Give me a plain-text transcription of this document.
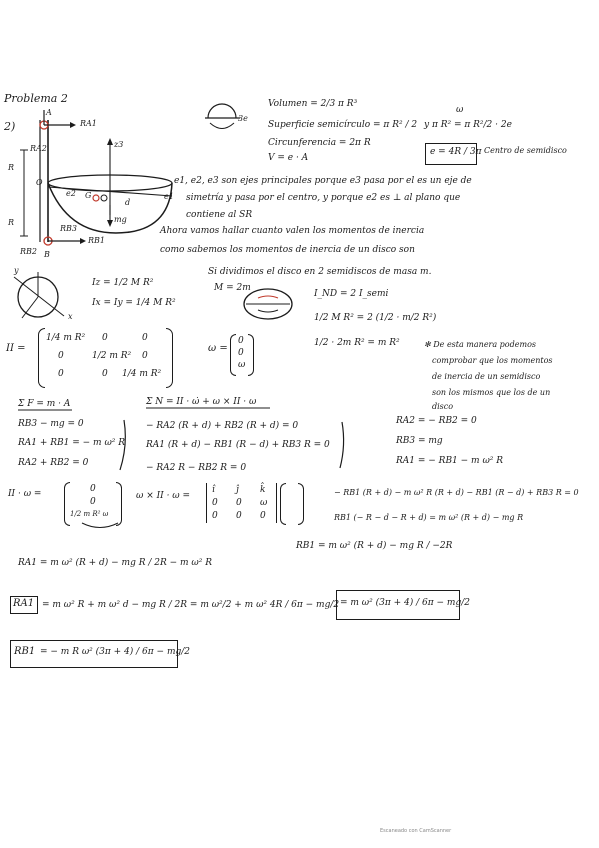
Problema 2
2)
A
RA1
RA2
R
R
O
z3
e1
e2 G
d
mg
RB3
RB1
RB2 B
3e
y
x
Volumen = 2/3 π R³
Superficie semicírculo = π R² / 2
Circunferencia = 2π R
V = e · A
ω
y π R² = π R²/2 · 2e
e = 4R / 3π Centro de semidisco
e1, e2, e3 son ejes principales porque e3 pasa por el es un eje de
simetría y pasa por el centro, y porque e2 es ⊥ al plano que
contiene al SR
Ahora vamos hallar cuanto valen los momentos de inercia
como sabemos los momentos de inercia de un disco son
Si dividimos el disco en 2 semidiscos de masa m.
M = 2m
Iz = 1/2 M R²
Ix = Iy = 1/4 M R²
I_ND = 2 I_semi
1/2 M R² = 2 (1/2 · m/2 R²)
1/2 · 2m R² = m R²	✻ De esta manera podemos
comprobar que los momentos
de inercia de un semidisco
son los mismos que los de un
disco
II =
1/4 m R² 0	0
0	1/2 m R² 0
0	0 1/4 m R²
ω =
0
0
ω
Σ F = m · A
RB3 − mg = 0
RA1 + RB1 = − m ω² R
RA2 + RB2 = 0
Σ N = II · ω̇ + ω × II · ω
− RA2 (R + d) + RB2 (R + d) = 0
RA1 (R + d) − RB1 (R − d) + RB3 R = 0
− RA2 R − RB2 R = 0
RA2 = − RB2 = 0
RB3 = mg
RA1 = − RB1 − m ω² R
II · ω =	0
0
1/2 m R² ω
ω × II · ω =
î ĵ k̂
0 0 ω
0 0 0
− RB1 (R + d) − m ω² R (R + d) − RB1 (R − d) + RB3 R = 0
RB1 (− R − d − R + d) = m ω² (R + d) − mg R
RB1 = m ω² (R + d) − mg R / −2R
RA1 = m ω² (R + d) − mg R / 2R − m ω² R
RA1 = m ω² R + m ω² d − mg R / 2R = m ω²/2 + m ω² 4R / 6π − mg/2 = m ω² (3π + 4) / 6π − mg/2
RB1 = − m R ω² (3π + 4) / 6π − mg/2
Escaneado con CamScanner
